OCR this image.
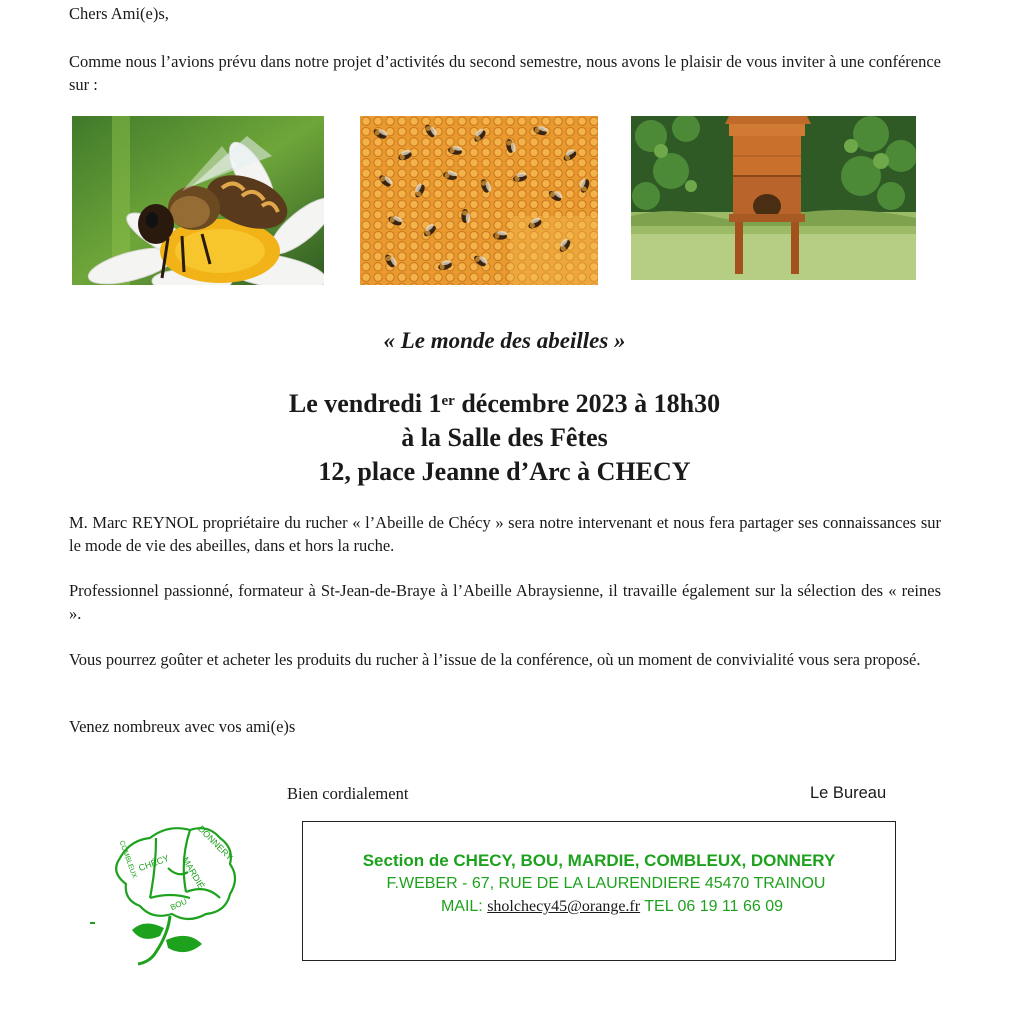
Chers Ami(e)s,

Comme nous l’avions prévu dans notre projet d’activités du second semestre, nous avons le plaisir de vous inviter à une conférence sur :

« Le monde des abeilles »
Le vendredi 1er décembre 2023 à 18h30
à la Salle des Fêtes
12, place Jeanne d’Arc à CHECY

M. Marc REYNOL propriétaire du rucher « l’Abeille de Chécy » sera notre intervenant et nous fera partager ses connaissances sur le mode de vie des abeilles, dans et hors la ruche.

Professionnel passionné, formateur à St-Jean-de-Braye à l’Abeille Abraysienne, il travaille également sur la sélection des « reines ».

Vous pourrez goûter et acheter les produits du rucher à l’issue de la conférence, où un moment de convivialité vous sera proposé.

Venez nombreux avec vos ami(e)s

Bien cordialement	Le Bureau
CHÉCY
DONNERY
MARDIÉ
COMBLEUX
BOU
Section de CHECY, BOU, MARDIE, COMBLEUX, DONNERY
F.WEBER - 67, RUE DE LA LAURENDIERE 45470 TRAINOU
MAIL: sholchecy45@orange.fr TEL 06 19 11 66 09
